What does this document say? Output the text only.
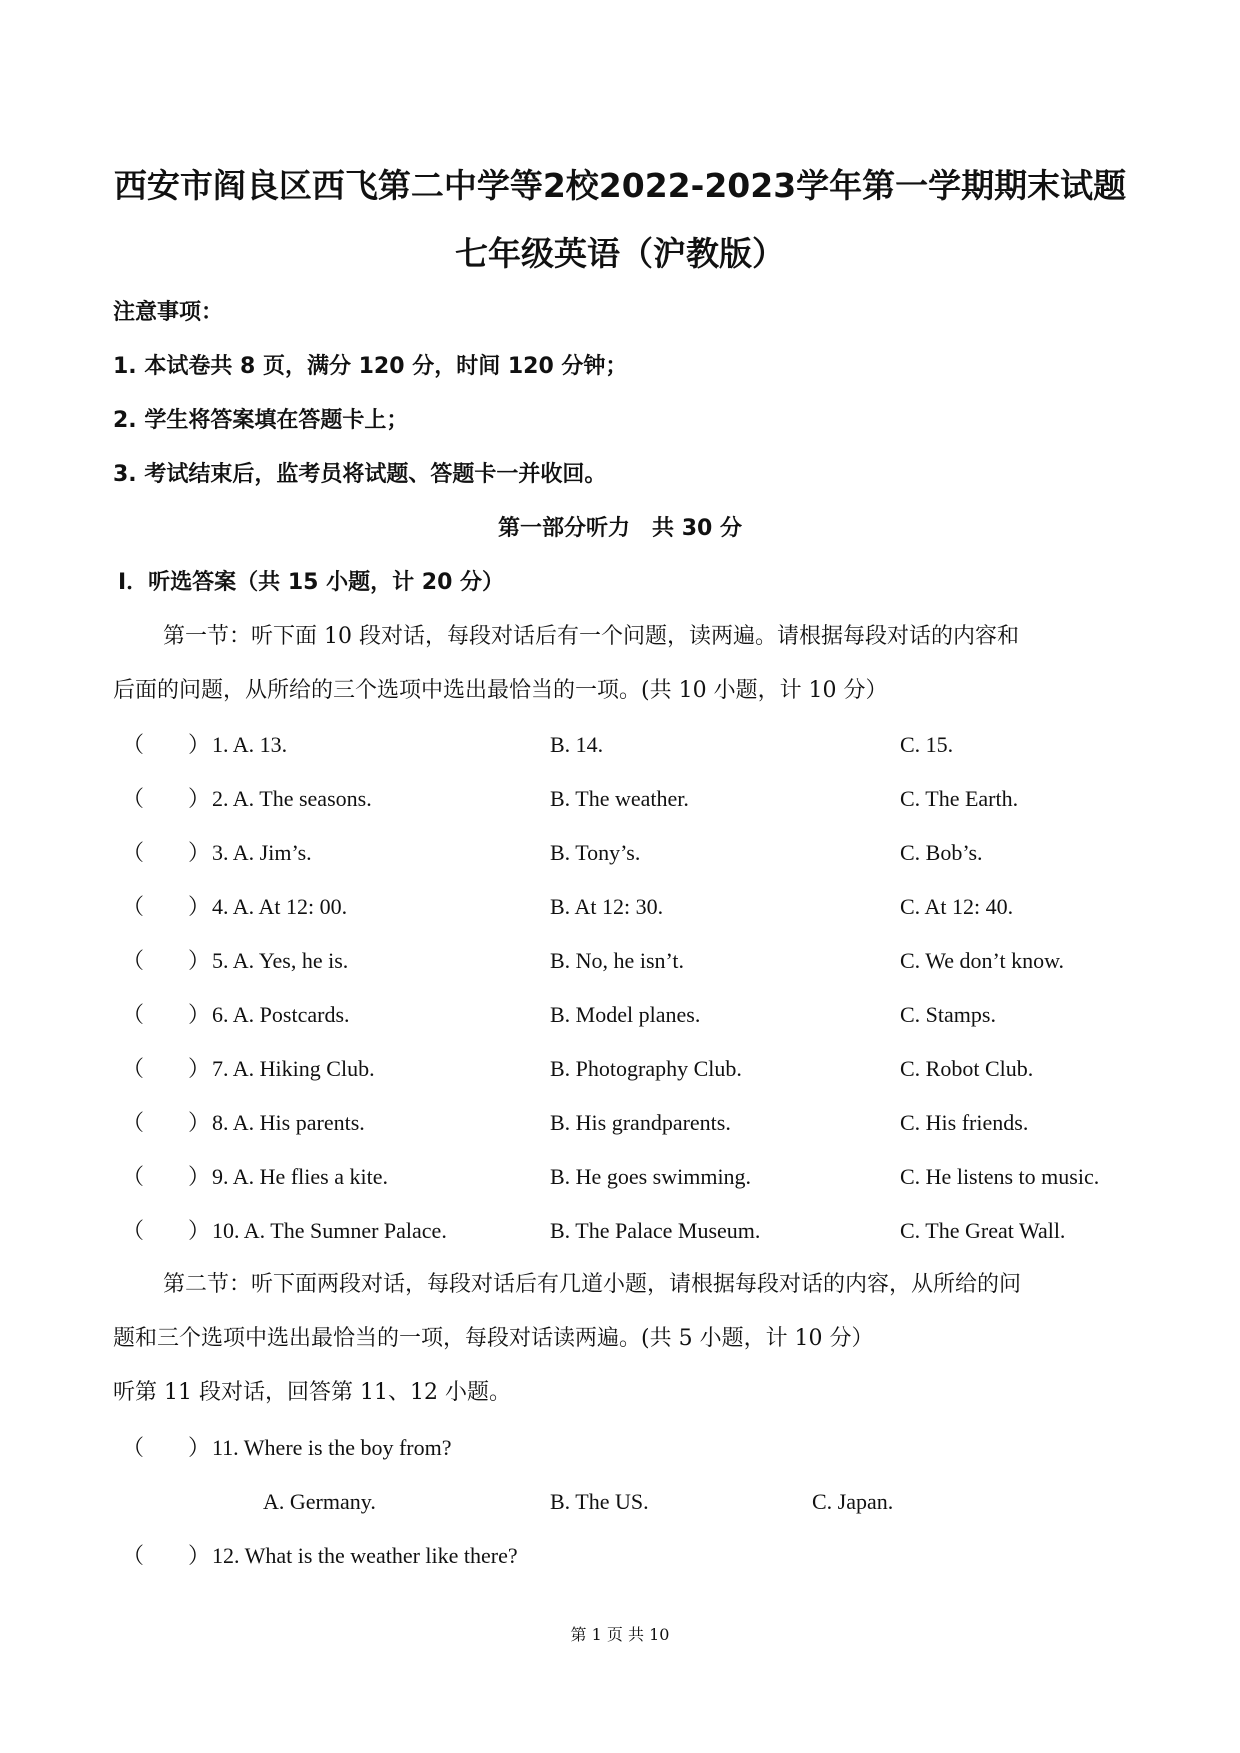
西安市阎良区西飞第二中学等2校2022-2023学年第一学期期末试题
七年级英语（沪教版）
注意事项：
1. 本试卷共 8 页，满分 120 分，时间 120 分钟；
2. 学生将答案填在答题卡上；
3. 考试结束后，监考员将试题、答题卡一并收回。
第一部分听力　共 30 分
Ⅰ．听选答案（共 15 小题，计 20 分）
第一节：听下面 10 段对话，每段对话后有一个问题，读两遍。请根据每段对话的内容和
后面的问题，从所给的三个选项中选出最恰当的一项。(共 10 小题，计 10 分）
（　　） 1. A. 13.	B. 14.	C. 15.
（　　） 2. A. The seasons.	B. The weather.	C. The Earth.
（　　） 3. A. Jim’s.	B. Tony’s.	C. Bob’s.
（　　） 4. A. At 12: 00.	B. At 12: 30.	C. At 12: 40.
（　　） 5. A. Yes, he is.	B. No, he isn’t.	C. We don’t know.
（　　） 6. A. Postcards.	B. Model planes.	C. Stamps.
（　　） 7. A. Hiking Club.	B. Photography Club.	C. Robot Club.
（　　） 8. A. His parents.	B. His grandparents.	C. His friends.
（　　） 9. A. He flies a kite.	B. He goes swimming.	C. He listens to music.
（　　） 10. A. The Sumner Palace.	B. The Palace Museum.	C. The Great Wall.
第二节：听下面两段对话，每段对话后有几道小题，请根据每段对话的内容，从所给的问
题和三个选项中选出最恰当的一项，每段对话读两遍。(共 5 小题，计 10 分）
听第 11 段对话，回答第 11、12 小题。
（　　） 11. Where is the boy from?
A. Germany.	B. The US.	C. Japan.
（　　） 12. What is the weather like there?
第 1 页 共 10
